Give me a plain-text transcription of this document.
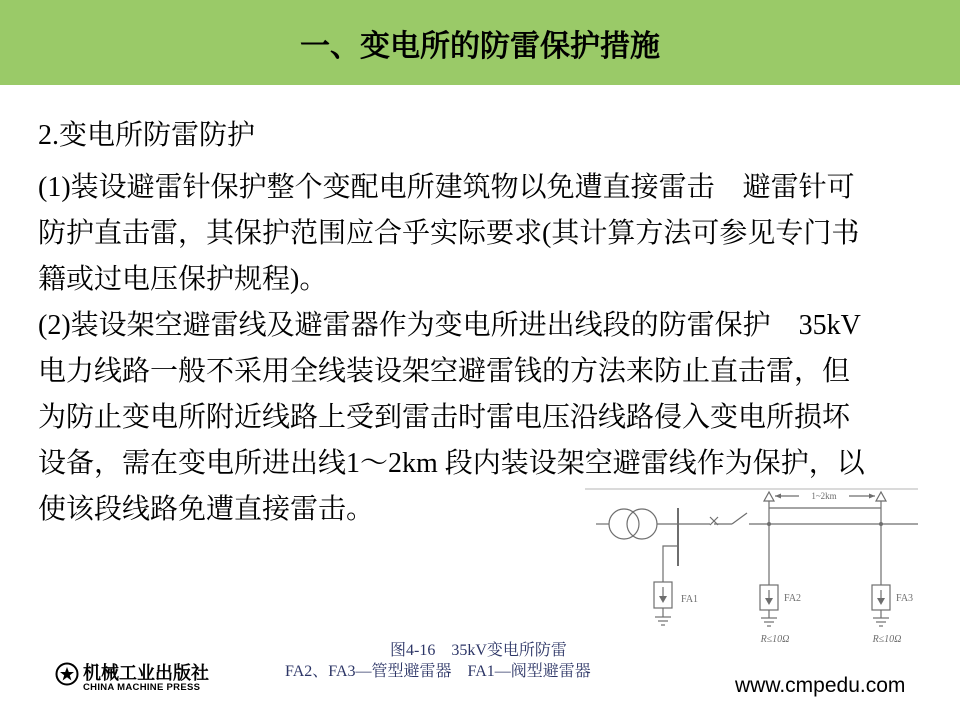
一、变电所的防雷保护措施
2.变电所防雷防护
(1)装设避雷针保护整个变配电所建筑物以免遭直接雷击　避雷针可
防护直击雷，其保护范围应合乎实际要求(其计算方法可参见专门书
籍或过电压保护规程)。
(2)装设架空避雷线及避雷器作为变电所进出线段的防雷保护　35kV
电力线路一般不采用全线装设架空避雷钱的方法来防止直击雷，但
为防止变电所附近线路上受到雷击时雷电压沿线路侵入变电所损坏
设备，需在变电所进出线1～2km 段内装设架空避雷线作为保护，以
使该段线路免遭直接雷击。
FA1
1~2km
FA2
R≤10Ω
FA3
R≤10Ω
图4-16　35kV变电所防雷
FA2、FA3—管型避雷器　FA1—阀型避雷器
机械工业出版社
CHINA MACHINE PRESS	www.cmpedu.com
